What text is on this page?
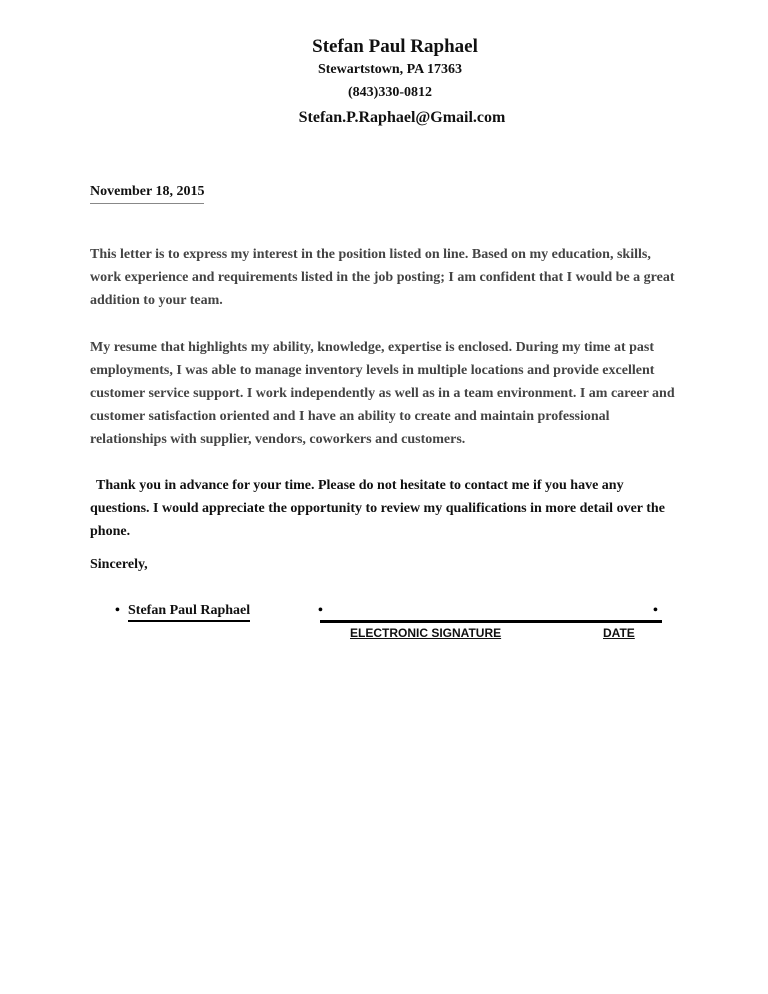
Stefan Paul Raphael
Stewartstown, PA 17363
(843)330-0812
Stefan.P.Raphael@Gmail.com
November 18, 2015

This letter is to express my interest in the position listed on line. Based on my education, skills, work experience and requirements listed in the job posting; I am confident that I would be a great addition to your team.

My resume that highlights my ability, knowledge, expertise is enclosed. During my time at past employments, I was able to manage inventory levels in multiple locations and provide excellent customer service support. I work independently as well as in a team environment. I am career and customer satisfaction oriented and I have an ability to create and maintain professional relationships with supplier, vendors, coworkers and customers.

Thank you in advance for your time. Please do not hesitate to contact me if you have any questions. I would appreciate the opportunity to review my qualifications in more detail over the phone.

Sincerely,
• Stefan Paul Raphael	•	•
ELECTRONIC SIGNATURE	DATE
